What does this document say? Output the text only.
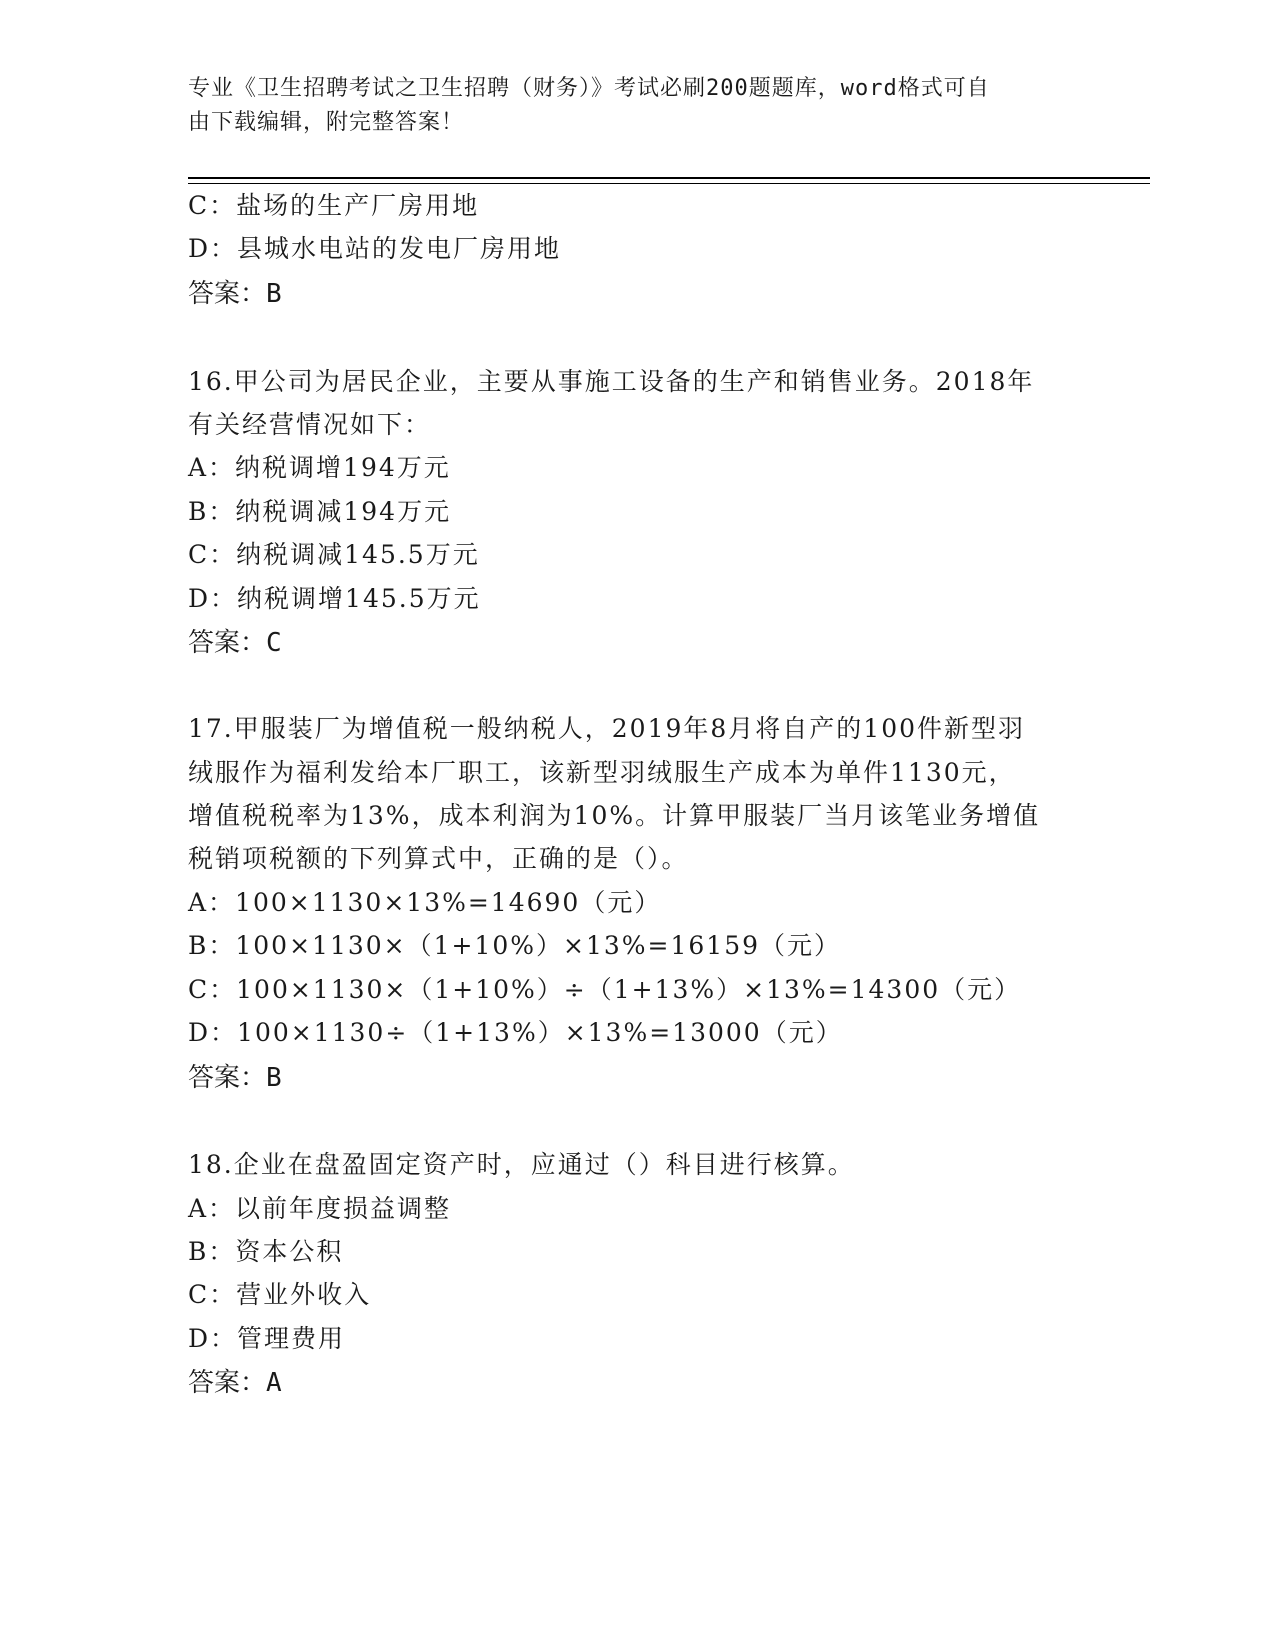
专业《卫生招聘考试之卫生招聘（财务）》考试必刷200题题库，word格式可自
由下载编辑，附完整答案！
C：盐场的生产厂房用地
D：县城水电站的发电厂房用地
答案：B
16.甲公司为居民企业，主要从事施工设备的生产和销售业务。2018年
有关经营情况如下：
A：纳税调增194万元
B：纳税调减194万元
C：纳税调减145.5万元
D：纳税调增145.5万元
答案：C
17.甲服装厂为增值税一般纳税人，2019年8月将自产的100件新型羽
绒服作为福利发给本厂职工，该新型羽绒服生产成本为单件1130元，
增值税税率为13%，成本利润为10%。计算甲服装厂当月该笔业务增值
税销项税额的下列算式中，正确的是（）。
A：100×1130×13%=14690（元）
B：100×1130×（1+10%）×13%=16159（元）
C：100×1130×（1+10%）÷（1+13%）×13%=14300（元）
D：100×1130÷（1+13%）×13%=13000（元）
答案：B
18.企业在盘盈固定资产时，应通过（）科目进行核算。
A：以前年度损益调整
B：资本公积
C：营业外收入
D：管理费用
答案：A
